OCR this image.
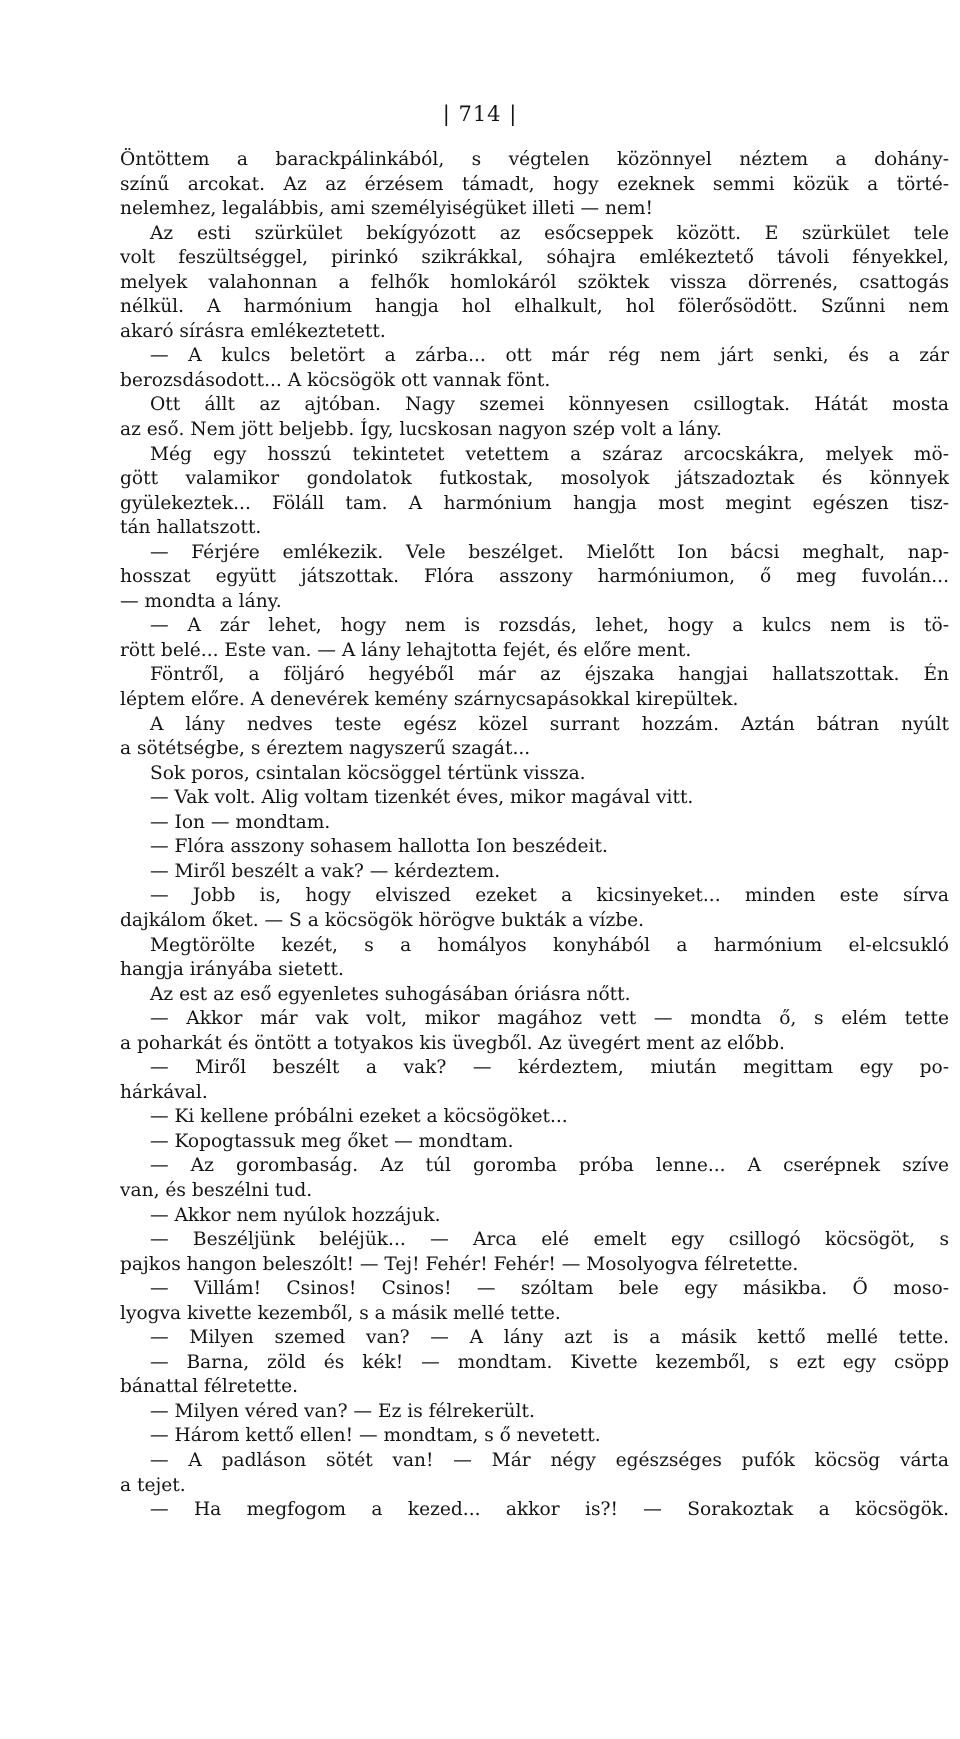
| 714 |
Öntöttem a barackpálinkából, s végtelen közönnyel néztem a dohány-
színű arcokat. Az az érzésem támadt, hogy ezeknek semmi közük a törté-
nelemhez, legalábbis, ami személyiségüket illeti — nem!
Az esti szürkület bekígyózott az esőcseppek között. E szürkület tele
volt feszültséggel, pirinkó szikrákkal, sóhajra emlékeztető távoli fényekkel,
melyek valahonnan a felhők homlokáról szöktek vissza dörrenés, csattogás
nélkül. A harmónium hangja hol elhalkult, hol fölerősödött. Szűnni nem
akaró sírásra emlékeztetett.
— A kulcs beletört a zárba... ott már rég nem járt senki, és a zár
berozsdásodott... A köcsögök ott vannak fönt.
Ott állt az ajtóban. Nagy szemei könnyesen csillogtak. Hátát mosta
az eső. Nem jött beljebb. Így, lucskosan nagyon szép volt a lány.
Még egy hosszú tekintetet vetettem a száraz arcocskákra, melyek mö-
gött valamikor gondolatok futkostak, mosolyok játszadoztak és könnyek
gyülekeztek... Föláll tam. A harmónium hangja most megint egészen tisz-
tán hallatszott.
— Férjére emlékezik. Vele beszélget. Mielőtt Ion bácsi meghalt, nap-
hosszat együtt játszottak. Flóra asszony harmóniumon, ő meg fuvolán...
— mondta a lány.
— A zár lehet, hogy nem is rozsdás, lehet, hogy a kulcs nem is tö-
rött belé... Este van. — A lány lehajtotta fejét, és előre ment.
Föntről, a följáró hegyéből már az éjszaka hangjai hallatszottak. Én
léptem előre. A denevérek kemény szárnycsapásokkal kirepültek.
A lány nedves teste egész közel surrant hozzám. Aztán bátran nyúlt
a sötétségbe, s éreztem nagyszerű szagát...
Sok poros, csintalan köcsöggel tértünk vissza.
— Vak volt. Alig voltam tizenkét éves, mikor magával vitt.
— Ion — mondtam.
— Flóra asszony sohasem hallotta Ion beszédeit.
— Miről beszélt a vak? — kérdeztem.
— Jobb is, hogy elviszed ezeket a kicsinyeket... minden este sírva
dajkálom őket. — S a köcsögök hörögve bukták a vízbe.
Megtörölte kezét, s a homályos konyhából a harmónium el-elcsukló
hangja irányába sietett.
Az est az eső egyenletes suhogásában óriásra nőtt.
— Akkor már vak volt, mikor magához vett — mondta ő, s elém tette
a poharkát és öntött a totyakos kis üvegből. Az üvegért ment az előbb.
— Miről beszélt a vak? — kérdeztem, miután megittam egy po-
hárkával.
— Ki kellene próbálni ezeket a köcsögöket...
— Kopogtassuk meg őket — mondtam.
— Az gorombaság. Az túl goromba próba lenne... A cserépnek szíve
van, és beszélni tud.
— Akkor nem nyúlok hozzájuk.
— Beszéljünk beléjük... — Arca elé emelt egy csillogó köcsögöt, s
pajkos hangon beleszólt! — Tej! Fehér! Fehér! — Mosolyogva félretette.
— Villám! Csinos! Csinos! — szóltam bele egy másikba. Ő moso-
lyogva kivette kezemből, s a másik mellé tette.
— Milyen szemed van? — A lány azt is a másik kettő mellé tette.
— Barna, zöld és kék! — mondtam. Kivette kezemből, s ezt egy csöpp
bánattal félretette.
— Milyen véred van? — Ez is félrekerült.
— Három kettő ellen! — mondtam, s ő nevetett.
— A padláson sötét van! — Már négy egészséges pufók köcsög várta
a tejet.
— Ha megfogom a kezed... akkor is?! — Sorakoztak a köcsögök.
